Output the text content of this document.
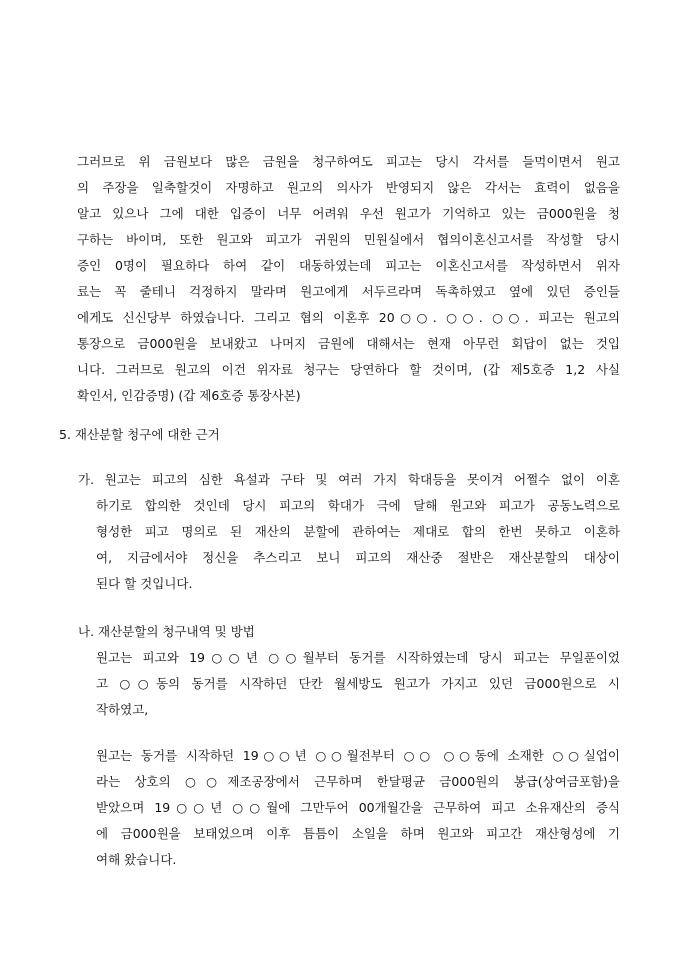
그러므로 위 금원보다 많은 금원을 청구하여도 피고는 당시 각서를 들먹이면서 원고
의 주장을 일축할것이 자명하고 원고의 의사가 반영되지 않은 각서는 효력이 없음을
알고 있으나 그에 대한 입증이 너무 어려워 우선 원고가 기억하고 있는 금000원을 청
구하는 바이며, 또한 원고와 피고가 귀원의 민원실에서 협의이혼신고서를 작성할 당시
증인 0명이 필요하다 하여 같이 대동하였는데 피고는 이혼신고서를 작성하면서 위자
료는 꼭 줄테니 걱정하지 말라며 원고에게 서두르라며 독촉하였고 옆에 있던 증인들
에게도 신신당부 하였습니다. 그리고 협의 이혼후 20○○. ○○. ○○. 피고는 원고의
통장으로 금000원을 보내왔고 나머지 금원에 대해서는 현재 아무런 회답이 없는 것입
니다. 그러므로 원고의 이건 위자료 청구는 당연하다 할 것이며, (갑 제5호증 1,2 사실
확인서, 인감증명) (갑 제6호증 통장사본)
5. 재산분할 청구에 대한 근거
가. 원고는 피고의 심한 욕설과 구타 및 여러 가지 학대등을 못이겨 어쩔수 없이 이혼
하기로 합의한 것인데 당시 피고의 학대가 극에 달해 원고와 피고가 공동노력으로
형성한 피고 명의로 된 재산의 분할에 관하여는 제대로 합의 한번 못하고 이혼하
여, 지금에서야 정신을 추스리고 보니 피고의 재산중 절반은 재산분할의 대상이
된다 할 것입니다.
나. 재산분할의 청구내역 및 방법
원고는 피고와 19○○년 ○○월부터 동거를 시작하였는데 당시 피고는 무일푼이었
고 ○○동의 동거를 시작하던 단칸 월세방도 원고가 가지고 있던 금000원으로 시
작하였고,
원고는 동거를 시작하던 19○○년 ○○월전부터 ○○ ○○동에 소재한 ○○실업이
라는 상호의 ○○제조공장에서 근무하며 한달평균 금000원의 봉급(상여금포함)을
받았으며 19○○년 ○○월에 그만두어 00개월간을 근무하여 피고 소유재산의 증식
에 금000원을 보태었으며 이후 틈틈이 소일을 하며 원고와 피고간 재산형성에 기
여해 왔습니다.
